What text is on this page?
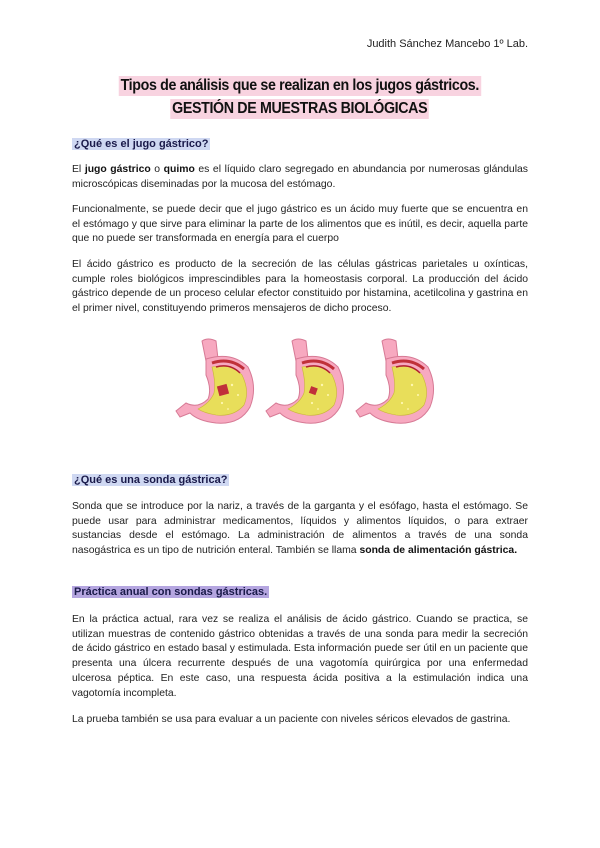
Judith Sánchez Mancebo 1º Lab.
Tipos de análisis que se realizan en los jugos gástricos.
GESTIÓN DE MUESTRAS BIOLÓGICAS
¿Qué es el jugo gástrico?
El jugo gástrico o quimo es el líquido claro segregado en abundancia por numerosas glándulas microscópicas diseminadas por la mucosa del estómago.
Funcionalmente, se puede decir que el jugo gástrico es un ácido muy fuerte que se encuentra en el estómago y que sirve para eliminar la parte de los alimentos que es inútil, es decir, aquella parte que no puede ser transformada en energía para el cuerpo
El ácido gástrico es producto de la secreción de las células gástricas parietales u oxínticas, cumple roles biológicos imprescindibles para la homeostasis corporal. La producción del ácido gástrico depende de un proceso celular efector constituido por histamina, acetilcolina y gastrina en el primer nivel, constituyendo primeros mensajeros de dicho proceso.
¿Qué es una sonda gástrica?
Sonda que se introduce por la nariz, a través de la garganta y el esófago, hasta el estómago. Se puede usar para administrar medicamentos, líquidos y alimentos líquidos, o para extraer sustancias desde el estómago. La administración de alimentos a través de una sonda nasogástrica es un tipo de nutrición enteral. También se llama sonda de alimentación gástrica.
Práctica anual con sondas gástricas.
En la práctica actual, rara vez se realiza el análisis de ácido gástrico. Cuando se practica, se utilizan muestras de contenido gástrico obtenidas a través de una sonda para medir la secreción de ácido gástrico en estado basal y estimulada. Esta información puede ser útil en un paciente que presenta una úlcera recurrente después de una vagotomía quirúrgica por una enfermedad ulcerosa péptica. En este caso, una respuesta ácida positiva a la estimulación indica una vagotomía incompleta.
La prueba también se usa para evaluar a un paciente con niveles séricos elevados de gastrina.
